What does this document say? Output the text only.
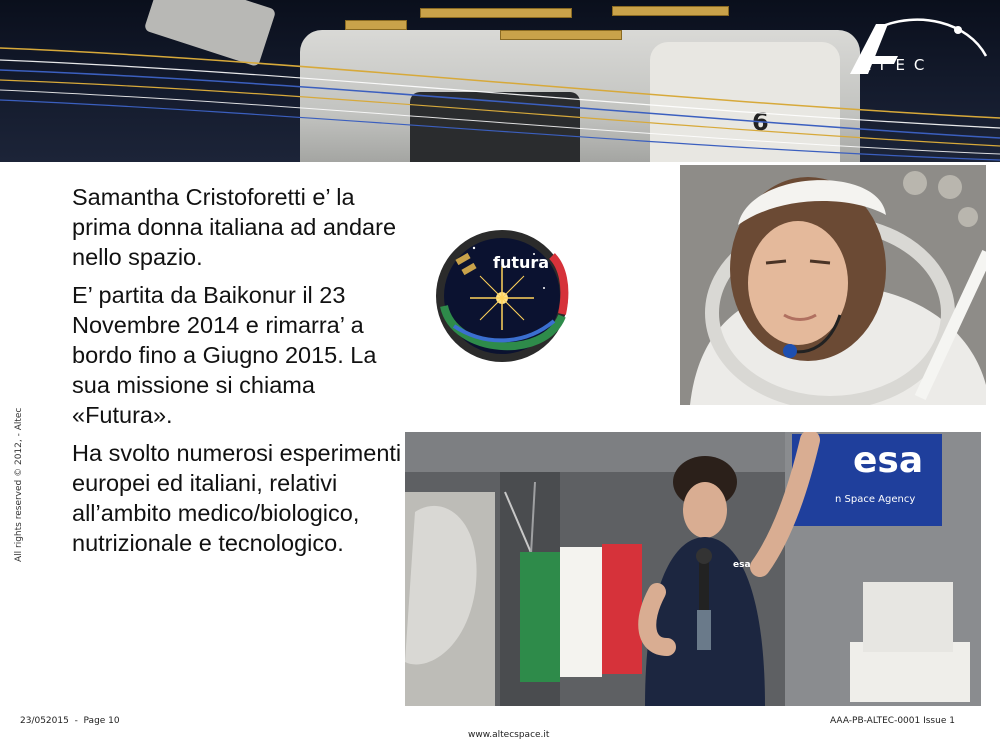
6
LTEC
All rights reserved © 2012, - Altec

Samantha Cristoforetti e’ la prima donna italiana ad andare nello spazio.

E’ partita da Baikonur il 23 Novembre 2014 e rimarra’ a bordo fino a Giugno 2015. La sua missione si chiama «Futura».

Ha svolto numerosi esperimenti europei ed italiani, relativi all’ambito medico/biologico, nutrizionale e tecnologico.

futura
esa
n Space Agency
esa
23/052015  -  Page 10
www.altecspace.it
AAA-PB-ALTEC-0001 Issue 1
